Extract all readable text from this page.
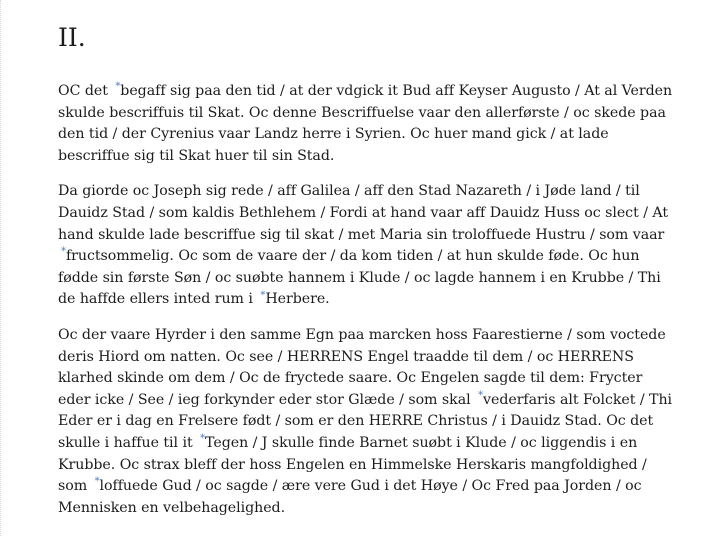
II.

OC det *begaff sig paa den tid / at der vdgick it Bud aff Keyser Augusto / At al Verden skulde bescriffuis til Skat. Oc denne Bescriffuelse vaar den allerførste / oc skede paa den tid / der Cyrenius vaar Landz herre i Syrien. Oc huer mand gick / at lade bescriffue sig til Skat huer til sin Stad.

Da giorde oc Joseph sig rede / aff Galilea / aff den Stad Nazareth / i Jøde land / til Dauidz Stad / som kaldis Bethlehem / Fordi at hand vaar aff Dauidz Huss oc slect / At hand skulde lade bescriffue sig til skat / met Maria sin troloffuede Hustru / som vaar *fructsommelig. Oc som de vaare der / da kom tiden / at hun skulde føde. Oc hun fødde sin første Søn / oc suøbte hannem i Klude / oc lagde hannem i en Krubbe / Thi de haffde ellers inted rum i *Herbere.

Oc der vaare Hyrder i den samme Egn paa marcken hoss Faarestierne / som voctede deris Hiord om natten. Oc see / HERRENS Engel traadde til dem / oc HERRENS klarhed skinde om dem / Oc de fryctede saare. Oc Engelen sagde til dem: Frycter eder icke / See / ieg forkynder eder stor Glæde / som skal *vederfaris alt Folcket / Thi Eder er i dag en Frelsere født / som er den HERRE Christus / i Dauidz Stad. Oc det skulle i haffue til it *Tegen / J skulle finde Barnet suøbt i Klude / oc liggendis i en Krubbe. Oc strax bleff der hoss Engelen en Himmelske Herskaris mangfoldighed / som *loffuede Gud / oc sagde / ære vere Gud i det Høye / Oc Fred paa Jorden / oc Mennisken en velbehagelighed.
